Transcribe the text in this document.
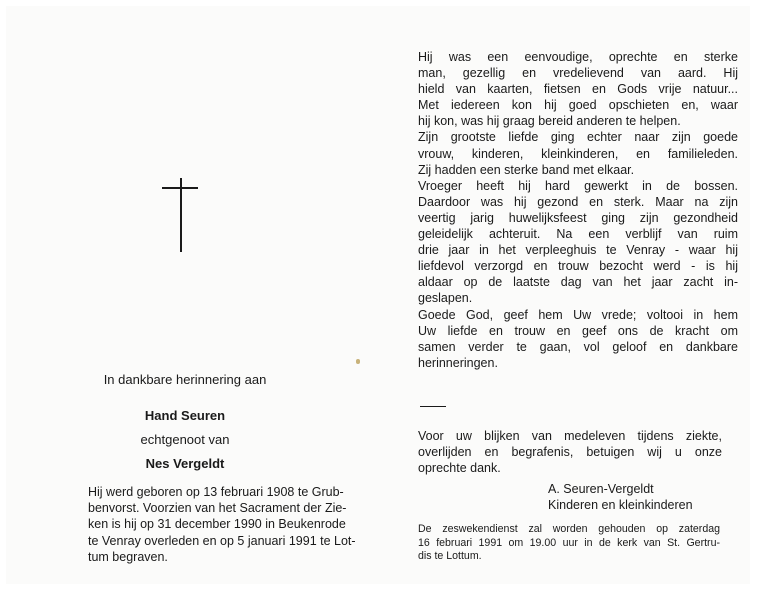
In dankbare herinnering aan
Hand Seuren
echtgenoot van
Nes Vergeldt
Hij werd geboren op 13 februari 1908 te Grub-
benvorst. Voorzien van het Sacrament der Zie-
ken is hij op 31 december 1990 in Beukenrode
te Venray overleden en op 5 januari 1991 te Lot-
tum begraven.
Hij was een eenvoudige, oprechte en sterke
man, gezellig en vredelievend van aard. Hij
hield van kaarten, fietsen en Gods vrije natuur...
Met iedereen kon hij goed opschieten en, waar
hij kon, was hij graag bereid anderen te helpen.
Zijn grootste liefde ging echter naar zijn goede
vrouw, kinderen, kleinkinderen, en familieleden.
Zij hadden een sterke band met elkaar.
Vroeger heeft hij hard gewerkt in de bossen.
Daardoor was hij gezond en sterk. Maar na zijn
veertig jarig huwelijksfeest ging zijn gezondheid
geleidelijk achteruit. Na een verblijf van ruim
drie jaar in het verpleeghuis te Venray - waar hij
liefdevol verzorgd en trouw bezocht werd - is hij
aldaar op de laatste dag van het jaar zacht in-
geslapen.
Goede God, geef hem Uw vrede; voltooi in hem
Uw liefde en trouw en geef ons de kracht om
samen verder te gaan, vol geloof en dankbare
herinneringen.
Voor uw blijken van medeleven tijdens ziekte,
overlijden en begrafenis, betuigen wij u onze
oprechte dank.
A. Seuren-Vergeldt
Kinderen en kleinkinderen
De zeswekendienst zal worden gehouden op zaterdag
16 februari 1991 om 19.00 uur in de kerk van St. Gertru-
dis te Lottum.
